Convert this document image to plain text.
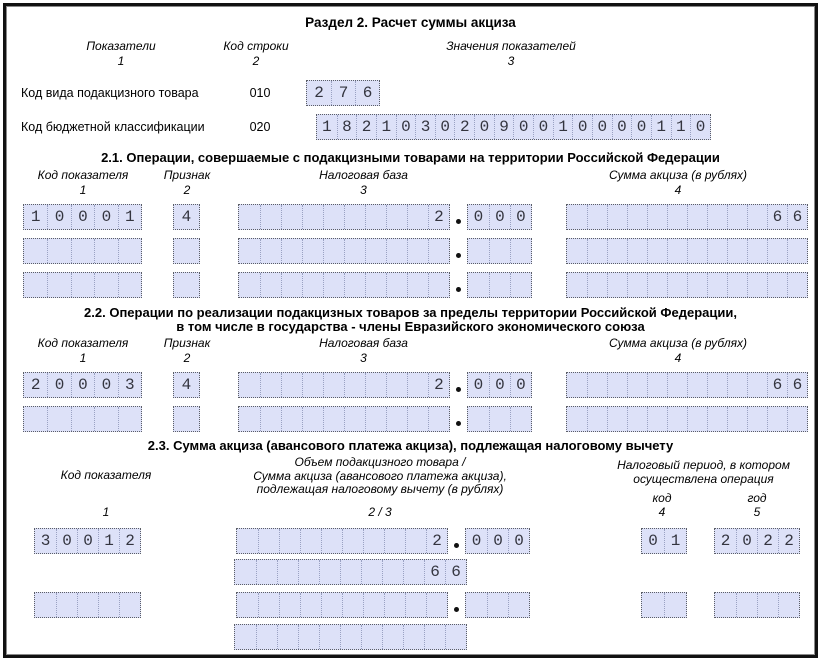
Раздел 2. Расчет суммы акциза
Показатели
1
Код строки
2
Значения показателей
3
Код вида подакцизного товара	010	2 7 6
Код бюджетной классификации	020	1 8 2 1 0 3 0 2 0 9 0 0 1 0 0 0 0 1 1 0
2.1. Операции, совершаемые с подакцизными товарами на территории Российской Федерации
Код показателя
1
Признак
2
Налоговая база
3
Сумма акциза (в рублях)
4
1 0 0 0 1	4	2	0 0 0	6 6
2.2. Операции по реализации подакцизных товаров за пределы территории Российской Федерации,
в том числе в государства - члены Евразийского экономического союза
Код показателя
1
Признак
2
Налоговая база
3
Сумма акциза (в рублях)
4
2 0 0 0 3	4	2	0 0 0	6 6
2.3. Сумма акциза (авансового платежа акциза), подлежащая налоговому вычету
Код показателя
Объем подакцизного товара /
Сумма акциза (авансового платежа акциза),
подлежащая налоговому вычету (в рублях)
Налоговый период, в котором
осуществлена операция
код	год
1	2 / 3	4	5
3 0 0 1 2	2	0 0 0	0 1	2 0 2 2
6 6
